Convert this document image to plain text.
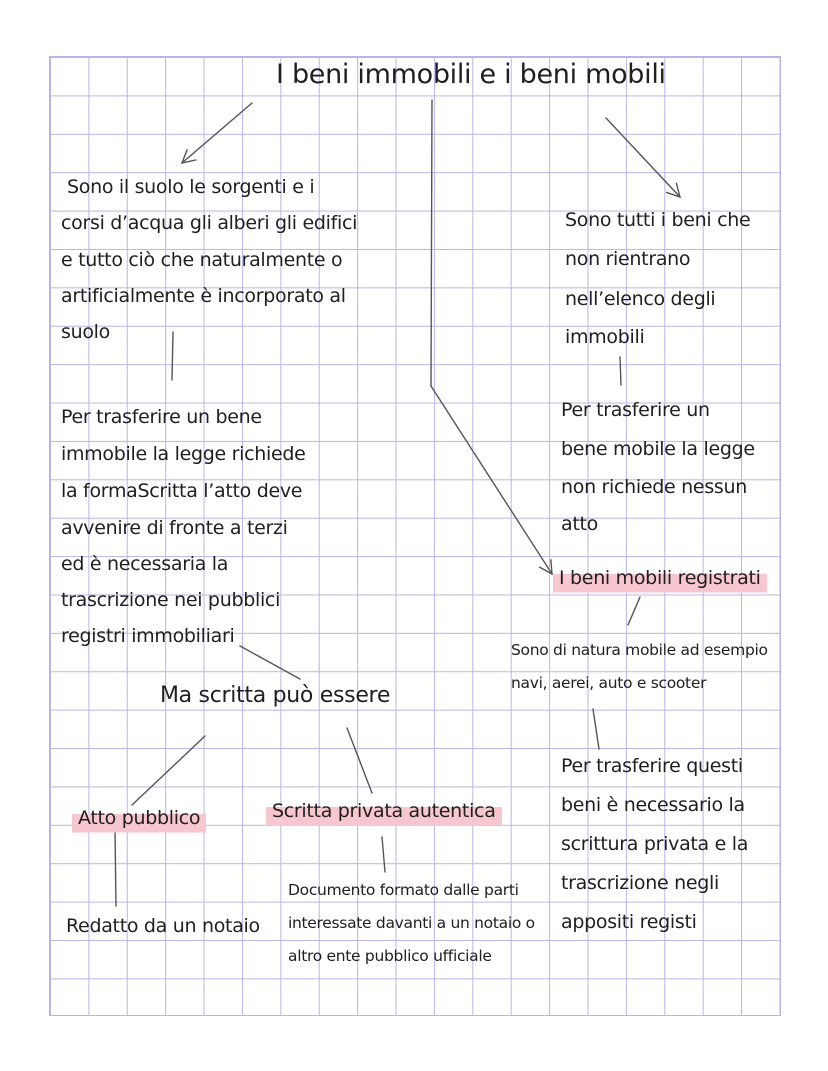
I beni immobili e i beni mobili
Sono il suolo le sorgenti e i
corsi d’acqua gli alberi gli edifici
e tutto ciò che naturalmente o
artificialmente è incorporato al
suolo
Per trasferire un bene
immobile la legge richiede
la formaScritta l’atto deve
avvenire di fronte a terzi
ed è necessaria la
trascrizione nei pubblici
registri immobiliari
Sono tutti i beni che
non rientrano
nell’elenco degli
immobili
Per trasferire un
bene mobile la legge
non richiede nessun
atto
I beni mobili registrati
Sono di natura mobile ad esempio
navi, aerei, auto e scooter
Per trasferire questi
beni è necessario la
scrittura privata e la
trascrizione negli
appositi registi
Ma scritta può essere
Atto pubblico
Redatto da un notaio
Scritta privata autentica
Documento formato dalle parti
interessate davanti a un notaio o
altro ente pubblico ufficiale
